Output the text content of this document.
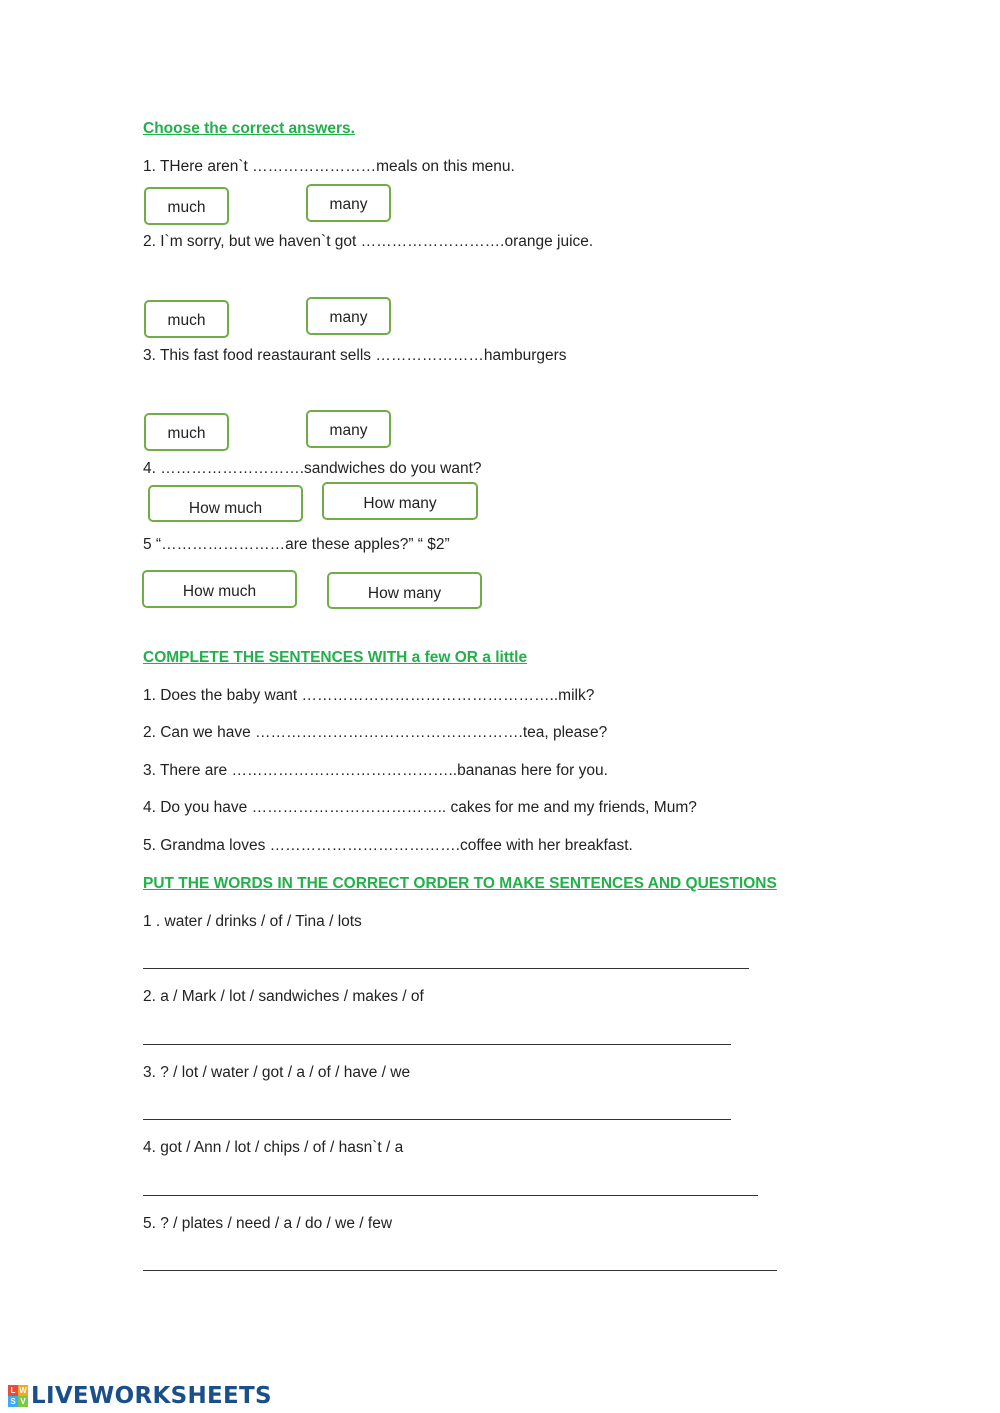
Choose the correct answers.
1. THere aren`t ……………………meals on this menu.
much	many
2. I`m sorry, but we haven`t got ……………………….orange juice.
much	many
3. This fast food reastaurant sells …………………hamburgers
much	many
4. ……………………….sandwiches do you want?
How much	How many
5 “……………………are these apples?” “ $2”
How much	How many
COMPLETE THE SENTENCES WITH a few OR a little
1. Does the baby want …………………………………………..milk?
2. Can we have …………………………………………….tea, please?
3. There are ……………………………………..bananas here for you.
4. Do you have ……………………………….. cakes for me and my friends, Mum?
5. Grandma loves ……………………………….coffee with her breakfast.
PUT THE WORDS IN THE CORRECT ORDER TO MAKE SENTENCES AND QUESTIONS
1 . water / drinks / of / Tina / lots
2. a / Mark / lot / sandwiches / makes / of
3. ? / lot / water / got / a / of / have / we
4. got / Ann / lot / chips / of / hasn`t / a
5. ? / plates / need / a / do / we / few
L W
S V LIVEWORKSHEETS
